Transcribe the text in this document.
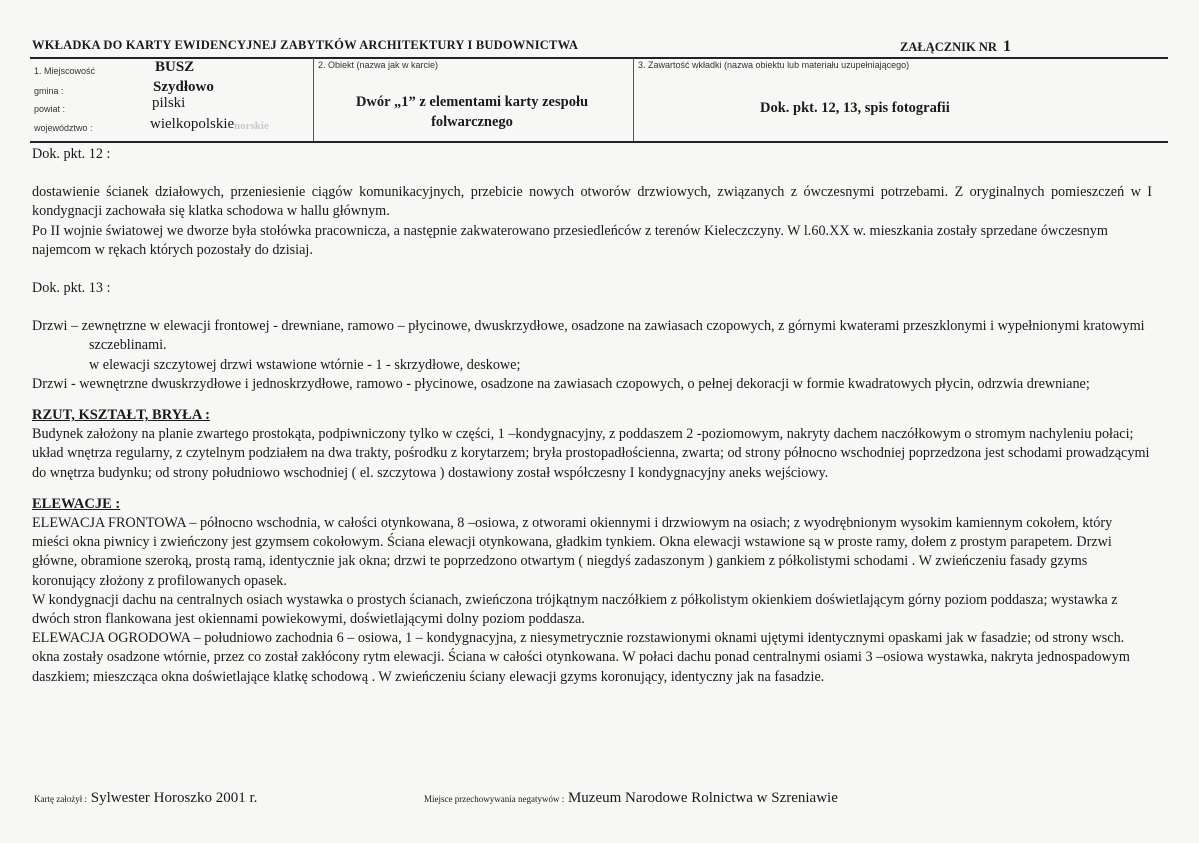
WKŁADKA DO KARTY EWIDENCYJNEJ ZABYTKÓW ARCHITEKTURY I BUDOWNICTWA	ZAŁĄCZNIK NR 1
1. Miejscowość	BUSZ
gmina :	Szydłowo
powiat :	pilski
województwo :	wielkopolskie norskie
2. Obiekt (nazwa jak w karcie)
Dwór „1” z elementami karty zespołu
folwarcznego
3. Zawartość wkładki (nazwa obiektu lub materiału uzupełniającego)
Dok. pkt. 12, 13, spis fotografii

Dok. pkt. 12 :

dostawienie ścianek działowych, przeniesienie ciągów komunikacyjnych, przebicie nowych otworów drzwiowych, związanych z ówczesnymi potrzebami. Z oryginalnych pomieszczeń w I kondygnacji zachowała się klatka schodowa w hallu głównym.

Po II wojnie światowej we dworze była stołówka pracownicza, a następnie zakwaterowano przesiedleńców z terenów Kieleczczyny. W l.60.XX w. mieszkania zostały sprzedane ówczesnym najemcom w rękach których pozostały do dzisiaj.

Dok. pkt. 13 :

Drzwi – zewnętrzne w elewacji frontowej - drewniane, ramowo – płycinowe, dwuskrzydłowe, osadzone na zawiasach czopowych, z górnymi kwaterami przeszklonymi i wypełnionymi kratowymi szczeblinami.

w elewacji szczytowej drzwi wstawione wtórnie - 1 - skrzydłowe, deskowe;

Drzwi - wewnętrzne dwuskrzydłowe i jednoskrzydłowe, ramowo - płycinowe, osadzone na zawiasach czopowych, o pełnej dekoracji w formie kwadratowych płycin, odrzwia drewniane;

RZUT, KSZTAŁT, BRYŁA :

Budynek założony na planie zwartego prostokąta, podpiwniczony tylko w części, 1 –kondygnacyjny, z poddaszem 2 -poziomowym, nakryty dachem naczółkowym o stromym nachyleniu połaci; układ wnętrza regularny, z czytelnym podziałem na dwa trakty, pośrodku z korytarzem; bryła prostopadłościenna, zwarta; od strony północno wschodniej poprzedzona jest schodami prowadzącymi do wnętrza budynku; od strony południowo wschodniej ( el. szczytowa ) dostawiony został współczesny I kondygnacyjny aneks wejściowy.

ELEWACJE :

ELEWACJA FRONTOWA – północno wschodnia, w całości otynkowana, 8 –osiowa, z otworami okiennymi i drzwiowym na osiach; z wyodrębnionym wysokim kamiennym cokołem, który mieści okna piwnicy i zwieńczony jest gzymsem cokołowym. Ściana elewacji otynkowana, gładkim tynkiem. Okna elewacji wstawione są w proste ramy, dołem z prostym parapetem. Drzwi główne, obramione szeroką, prostą ramą, identycznie jak okna; drzwi te poprzedzono otwartym ( niegdyś zadaszonym ) gankiem z półkolistymi schodami . W zwieńczeniu fasady gzyms koronujący złożony z profilowanych opasek.

W kondygnacji dachu na centralnych osiach wystawka o prostych ścianach, zwieńczona trójkątnym naczółkiem z półkolistym okienkiem doświetlającym górny poziom poddasza; wystawka z dwóch stron flankowana jest okiennami powiekowymi, doświetlającymi dolny poziom poddasza.

ELEWACJA OGRODOWA – południowo zachodnia 6 – osiowa, 1 – kondygnacyjna, z niesymetrycznie rozstawionymi oknami ujętymi identycznymi opaskami jak w fasadzie; od strony wsch. okna zostały osadzone wtórnie, przez co został zakłócony rytm elewacji. Ściana w całości otynkowana. W połaci dachu ponad centralnymi osiami 3 –osiowa wystawka, nakryta jednospadowym daszkiem; mieszcząca okna doświetlające klatkę schodową . W zwieńczeniu ściany elewacji gzyms koronujący, identyczny jak na fasadzie.

Kartę założył : Sylwester Horoszko 2001 r.	Miejsce przechowywania negatywów : Muzeum Narodowe Rolnictwa w Szreniawie
